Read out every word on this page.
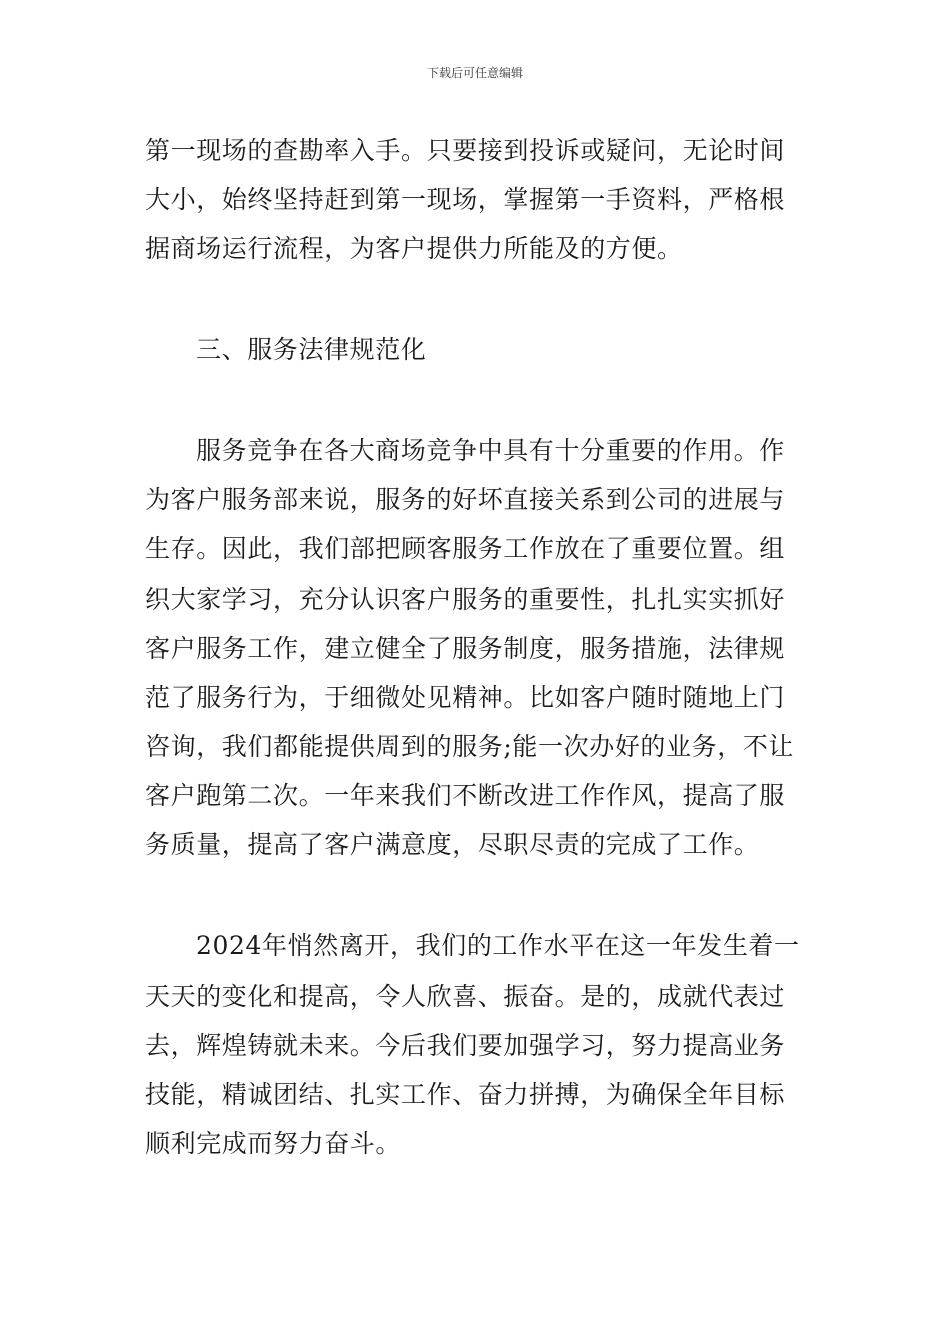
下载后可任意编辑
第一现场的查勘率入手。只要接到投诉或疑问，无论时间
大小，始终坚持赶到第一现场，掌握第一手资料，严格根
据商场运行流程，为客户提供力所能及的方便。
三、服务法律规范化
服务竞争在各大商场竞争中具有十分重要的作用。作
为客户服务部来说，服务的好坏直接关系到公司的进展与
生存。因此，我们部把顾客服务工作放在了重要位置。组
织大家学习，充分认识客户服务的重要性，扎扎实实抓好
客户服务工作，建立健全了服务制度，服务措施，法律规
范了服务行为，于细微处见精神。比如客户随时随地上门
咨询，我们都能提供周到的服务;能一次办好的业务，不让
客户跑第二次。一年来我们不断改进工作作风，提高了服
务质量，提高了客户满意度，尽职尽责的完成了工作。
2024年悄然离开，我们的工作水平在这一年发生着一
天天的变化和提高，令人欣喜、振奋。是的，成就代表过
去，辉煌铸就未来。今后我们要加强学习，努力提高业务
技能，精诚团结、扎实工作、奋力拼搏，为确保全年目标
顺利完成而努力奋斗。
